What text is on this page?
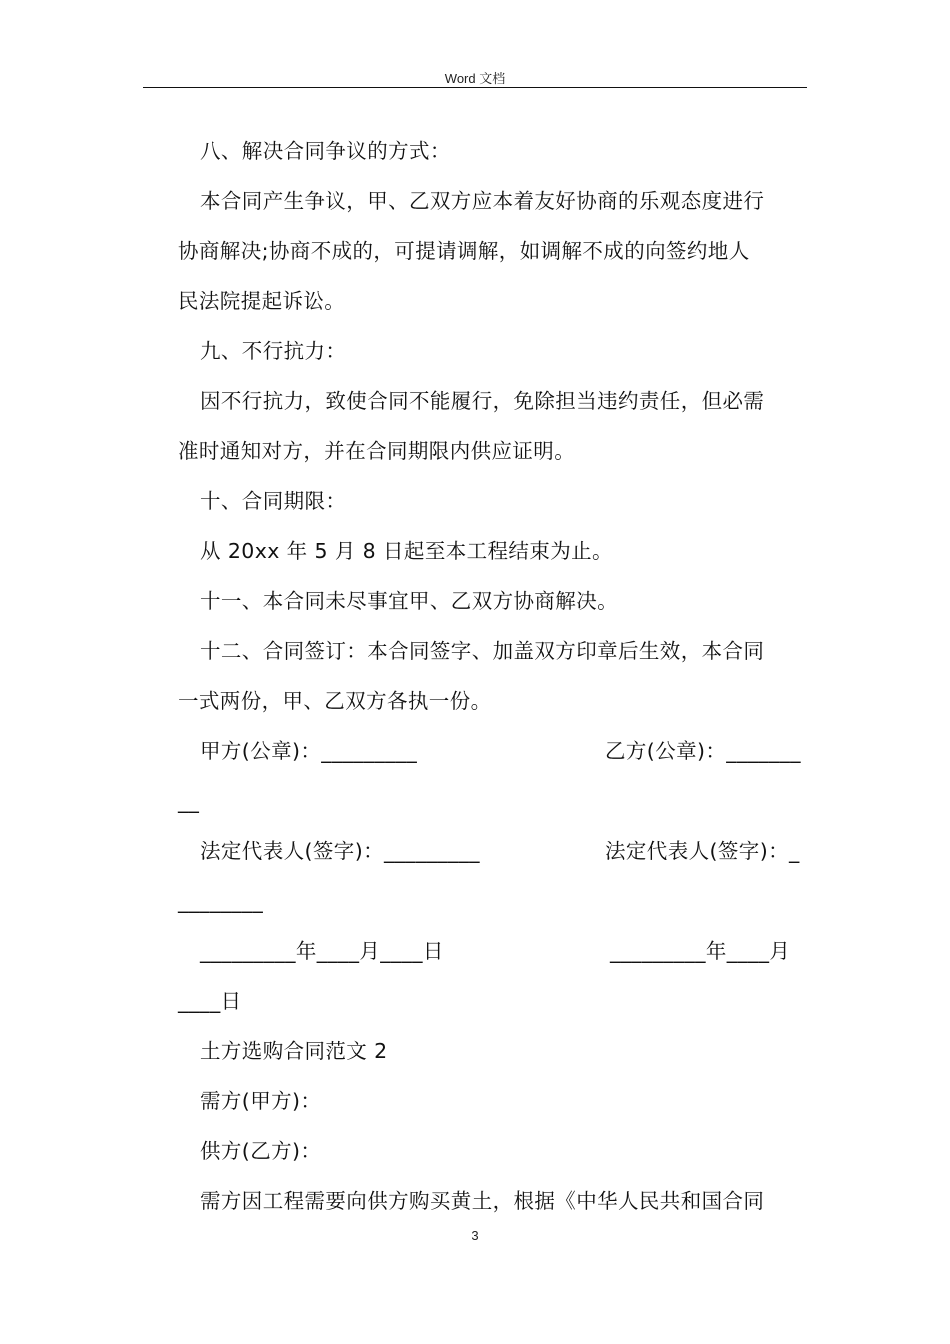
Word 文档
八、解决合同争议的方式：
本合同产生争议，甲、乙双方应本着友好协商的乐观态度进行
协商解决;协商不成的，可提请调解，如调解不成的向签约地人
民法院提起诉讼。
九、不行抗力：
因不行抗力，致使合同不能履行，免除担当违约责任，但必需
准时通知对方，并在合同期限内供应证明。
十、合同期限：
从 20xx 年 5 月 8 日起至本工程结束为止。
十一、本合同未尽事宜甲、乙双方协商解决。
十二、合同签订：本合同签字、加盖双方印章后生效，本合同
一式两份，甲、乙双方各执一份。
甲方(公章)：_________	乙方(公章)：_______
__
法定代表人(签字)：_________	法定代表人(签字)：_
________
_________年____月____日	_________年____月
____日
土方选购合同范文 2
需方(甲方)：
供方(乙方)：
需方因工程需要向供方购买黄土，根据《中华人民共和国合同
3
